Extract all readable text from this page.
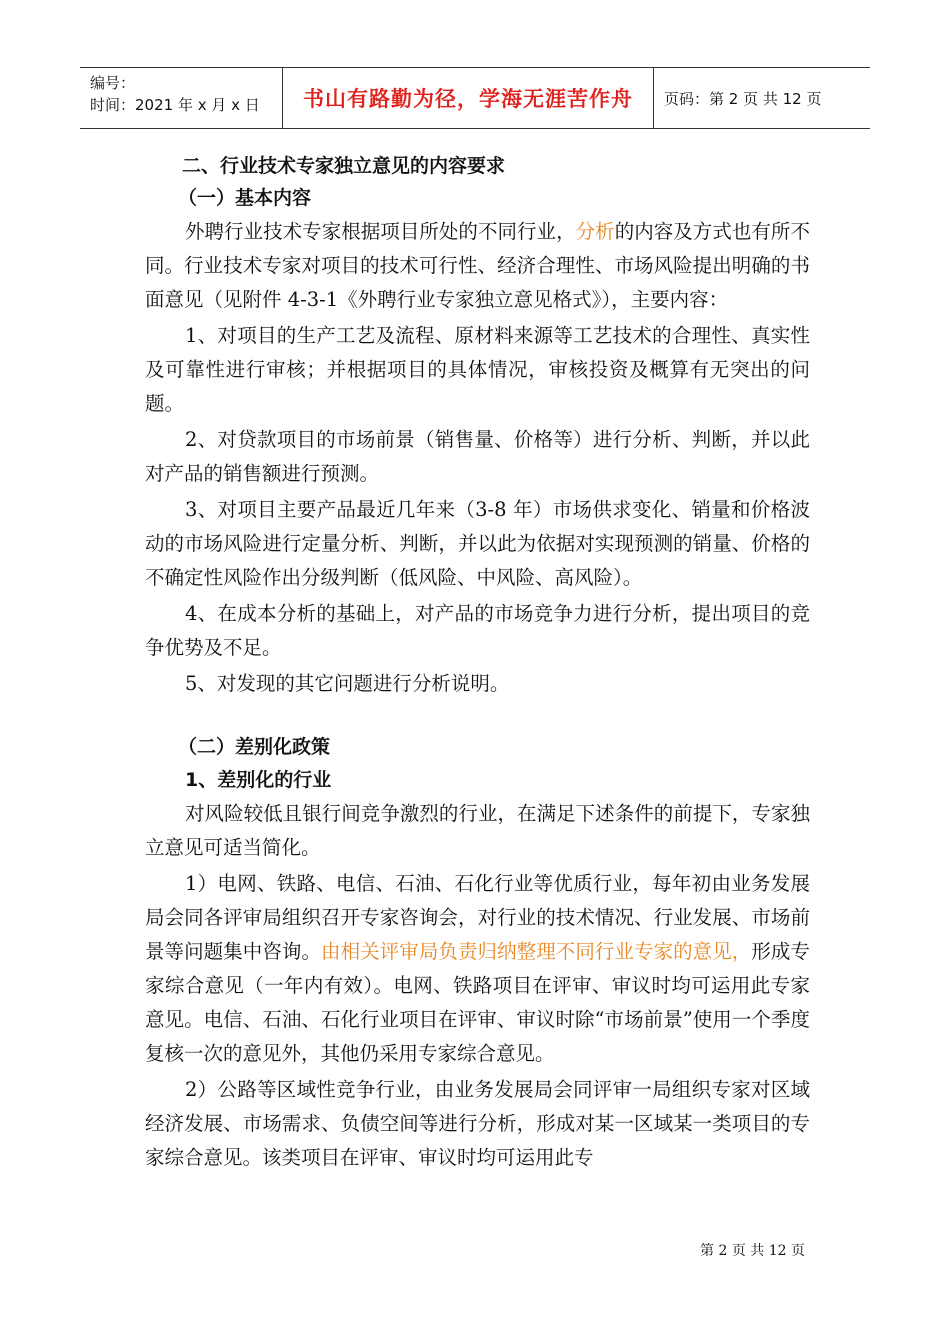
编号：
时间：2021 年 x 月 x 日	书山有路勤为径，学海无涯苦作舟	页码：第 2 页 共 12 页
二、行业技术专家独立意见的内容要求
（一）基本内容

外聘行业技术专家根据项目所处的不同行业，分析的内容及方式也有所不同。行业技术专家对项目的技术可行性、经济合理性、市场风险提出明确的书面意见（见附件 4-3-1《外聘行业专家独立意见格式》），主要内容：

1、对项目的生产工艺及流程、原材料来源等工艺技术的合理性、真实性及可靠性进行审核；并根据项目的具体情况，审核投资及概算有无突出的问题。

2、对贷款项目的市场前景（销售量、价格等）进行分析、判断，并以此对产品的销售额进行预测。

3、对项目主要产品最近几年来（3-8 年）市场供求变化、销量和价格波动的市场风险进行定量分析、判断，并以此为依据对实现预测的销量、价格的不确定性风险作出分级判断（低风险、中风险、高风险）。

4、在成本分析的基础上，对产品的市场竞争力进行分析，提出项目的竞争优势及不足。

5、对发现的其它问题进行分析说明。

（二）差别化政策
1、差别化的行业

对风险较低且银行间竞争激烈的行业，在满足下述条件的前提下，专家独立意见可适当简化。

1）电网、铁路、电信、石油、石化行业等优质行业，每年初由业务发展局会同各评审局组织召开专家咨询会，对行业的技术情况、行业发展、市场前景等问题集中咨询。由相关评审局负责归纳整理不同行业专家的意见，形成专家综合意见（一年内有效）。电网、铁路项目在评审、审议时均可运用此专家意见。电信、石油、石化行业项目在评审、审议时除“市场前景”使用一个季度复核一次的意见外，其他仍采用专家综合意见。

2）公路等区域性竞争行业，由业务发展局会同评审一局组织专家对区域经济发展、市场需求、负债空间等进行分析，形成对某一区域某一类项目的专家综合意见。该类项目在评审、审议时均可运用此专

第 2 页 共 12 页
